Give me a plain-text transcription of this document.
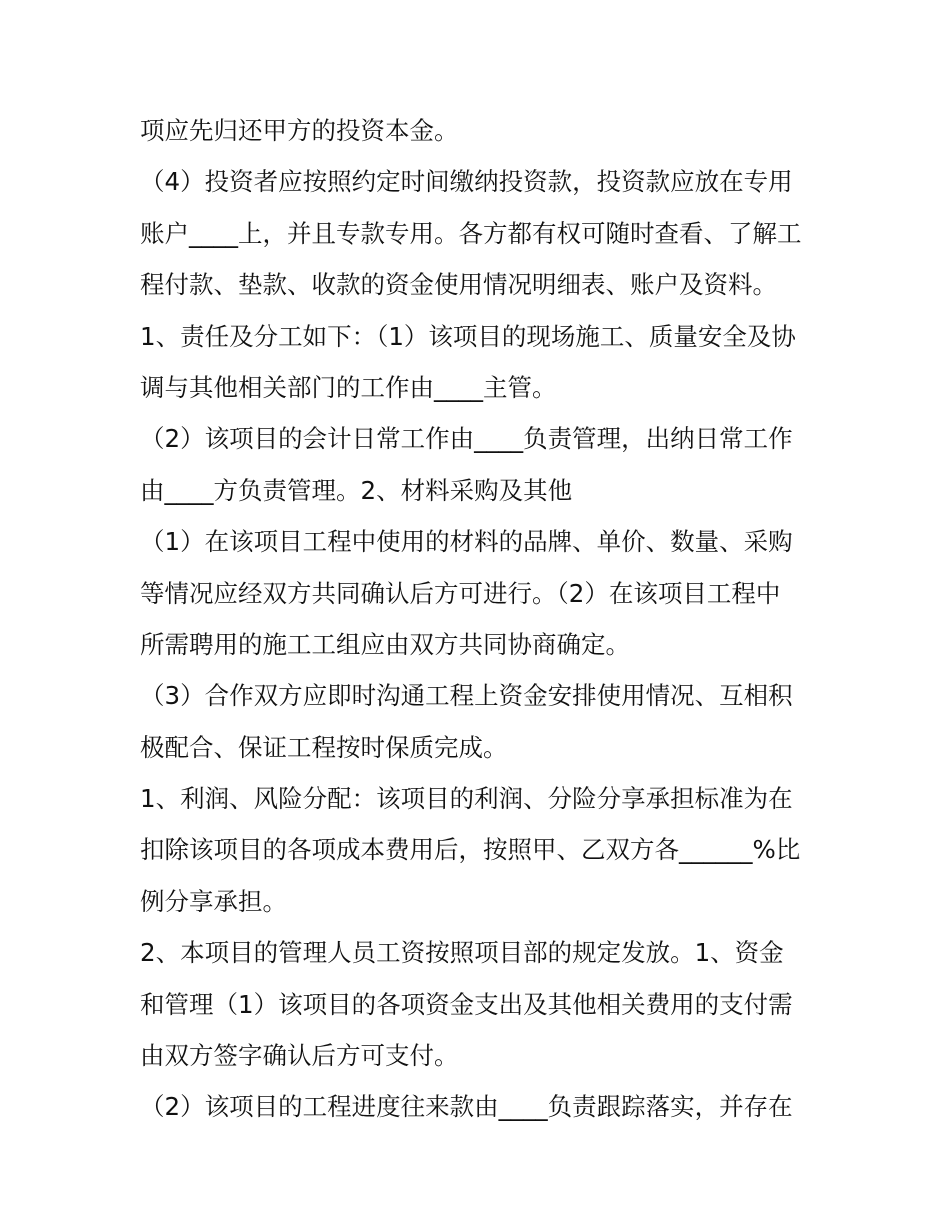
项应先归还甲方的投资本金。
（4）投资者应按照约定时间缴纳投资款，投资款应放在专用
账户____上，并且专款专用。各方都有权可随时查看、了解工
程付款、垫款、收款的资金使用情况明细表、账户及资料。
1、责任及分工如下：（1）该项目的现场施工、质量安全及协
调与其他相关部门的工作由____主管。
（2）该项目的会计日常工作由____负责管理，出纳日常工作
由____方负责管理。2、材料采购及其他
（1）在该项目工程中使用的材料的品牌、单价、数量、采购
等情况应经双方共同确认后方可进行。（2）在该项目工程中
所需聘用的施工工组应由双方共同协商确定。
（3）合作双方应即时沟通工程上资金安排使用情况、互相积
极配合、保证工程按时保质完成。
1、利润、风险分配：该项目的利润、分险分享承担标准为在
扣除该项目的各项成本费用后，按照甲、乙双方各______%比
例分享承担。
2、本项目的管理人员工资按照项目部的规定发放。1、资金
和管理（1）该项目的各项资金支出及其他相关费用的支付需
由双方签字确认后方可支付。
（2）该项目的工程进度往来款由____负责跟踪落实，并存在
